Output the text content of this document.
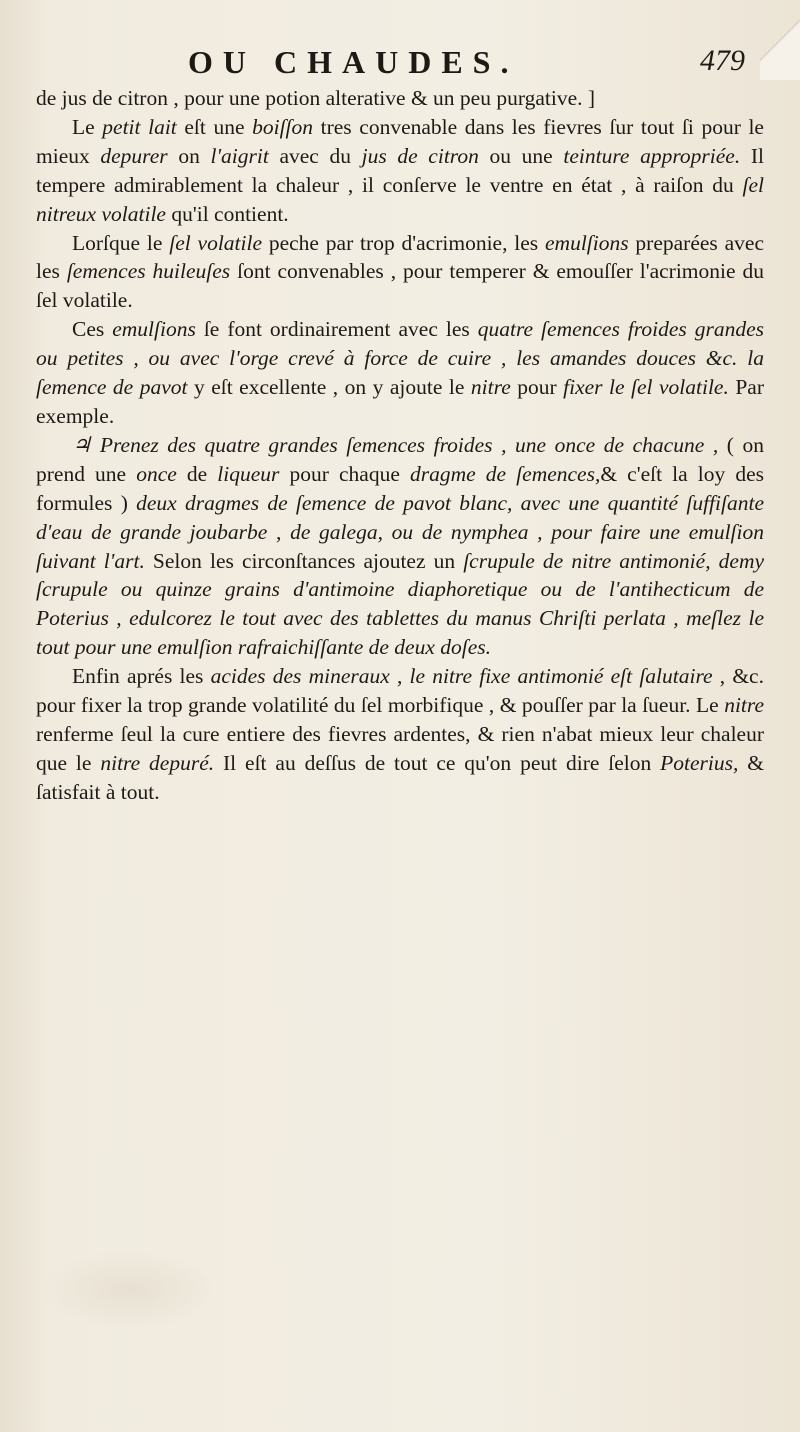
OU CHAUDES.	479

de jus de citron , pour une potion alterative & un peu purgative. ]

Le petit lait eſt une boiſſon tres convenable dans les fievres ſur tout ſi pour le mieux depurer on l'aigrit avec du jus de citron ou une teinture appropriée. Il tempere admirablement la chaleur , il conſerve le ventre en état , à raiſon du ſel nitreux volatile qu'il contient.

Lorſque le ſel volatile peche par trop d'acrimonie, les emulſions preparées avec les ſemences huileuſes ſont convenables , pour temperer & emouſſer l'acrimonie du ſel volatile.

Ces emulſions ſe font ordinairement avec les quatre ſemences froides grandes ou petites , ou avec l'orge crevé à force de cuire , les amandes douces &c. la ſemence de pavot y eſt excellente , on y ajoute le nitre pour fixer le ſel volatile. Par exemple.

♃ Prenez des quatre grandes ſemences froides , une once de chacune , ( on prend une once de liqueur pour chaque dragme de ſemences,& c'eſt la loy des formules ) deux dragmes de ſemence de pavot blanc, avec une quantité ſuffiſante d'eau de grande joubarbe , de galega, ou de nymphea , pour faire une emulſion ſuivant l'art. Selon les circonſtances ajoutez un ſcrupule de nitre antimonié, demy ſcrupule ou quinze grains d'antimoine diaphoretique ou de l'antihecticum de Poterius , edulcorez le tout avec des tablettes du manus Chriſti perlata , meſlez le tout pour une emulſion rafraichiſſante de deux doſes.

Enfin aprés les acides des mineraux , le nitre fixe antimonié eſt ſalutaire , &c. pour fixer la trop grande volatilité du ſel morbifique , & pouſſer par la ſueur. Le nitre renferme ſeul la cure entiere des fievres ardentes, & rien n'abat mieux leur chaleur que le nitre depuré. Il eſt au deſſus de tout ce qu'on peut dire ſelon Poterius, & ſatisfait à tout.
